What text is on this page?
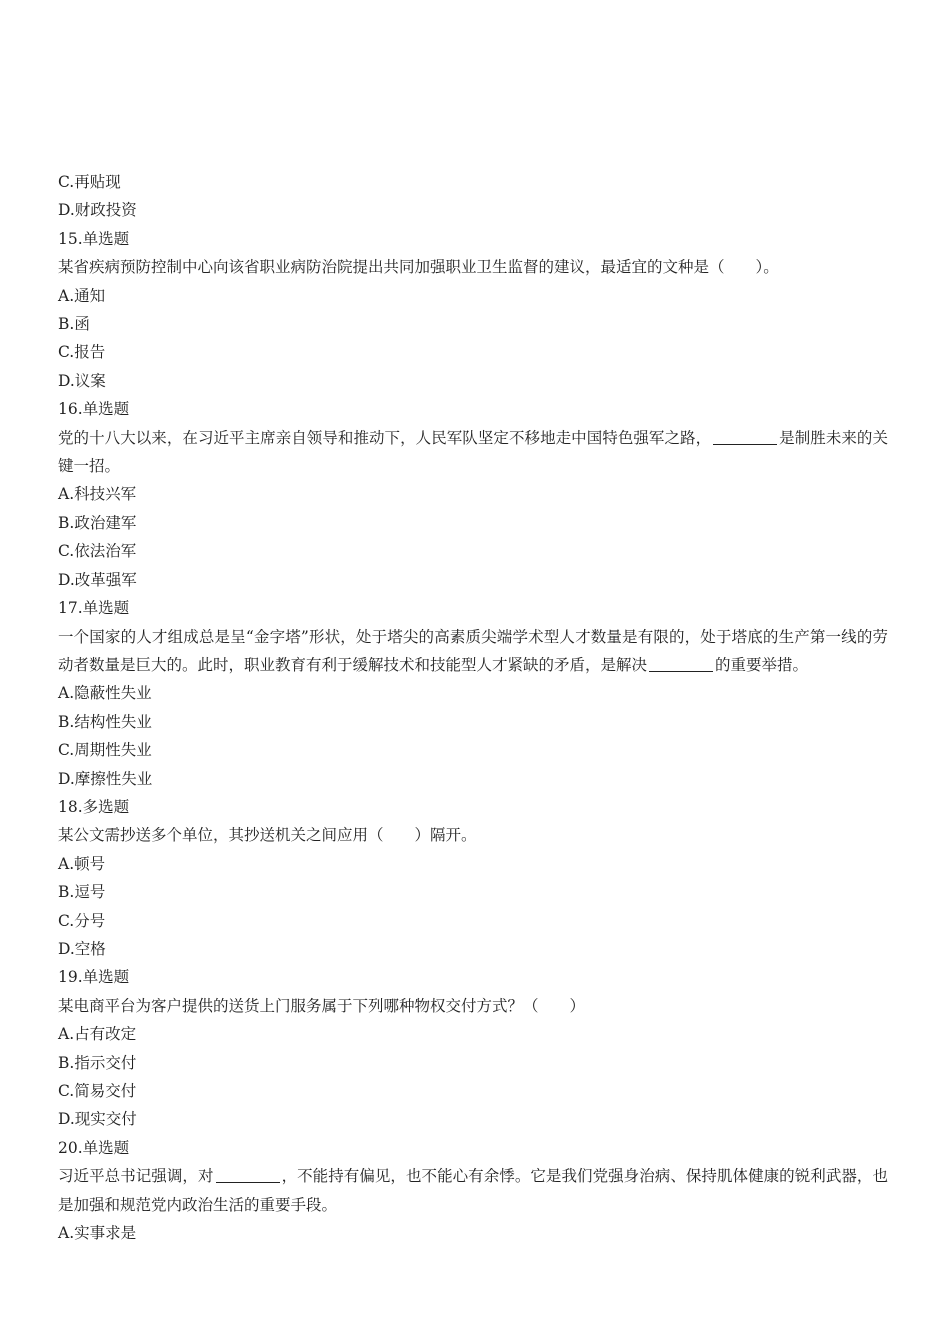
C.再贴现
D.财政投资
15.单选题
某省疾病预防控制中心向该省职业病防治院提出共同加强职业卫生监督的建议，最适宜的文种是（　　）。
A.通知
B.函
C.报告
D.议案
16.单选题
党的十八大以来，在习近平主席亲自领导和推动下，人民军队坚定不移地走中国特色强军之路，	是制胜未来的关键一招。
A.科技兴军
B.政治建军
C.依法治军
D.改革强军
17.单选题
一个国家的人才组成总是呈“金字塔”形状，处于塔尖的高素质尖端学术型人才数量是有限的，处于塔底的生产第一线的劳动者数量是巨大的。此时，职业教育有利于缓解技术和技能型人才紧缺的矛盾，是解决	的重要举措。
A.隐蔽性失业
B.结构性失业
C.周期性失业
D.摩擦性失业
18.多选题
某公文需抄送多个单位，其抄送机关之间应用（　　）隔开。
A.顿号
B.逗号
C.分号
D.空格
19.单选题
某电商平台为客户提供的送货上门服务属于下列哪种物权交付方式？（　　）
A.占有改定
B.指示交付
C.简易交付
D.现实交付
20.单选题
习近平总书记强调，对	，不能持有偏见，也不能心有余悸。它是我们党强身治病、保持肌体健康的锐利武器，也是加强和规范党内政治生活的重要手段。
A.实事求是
